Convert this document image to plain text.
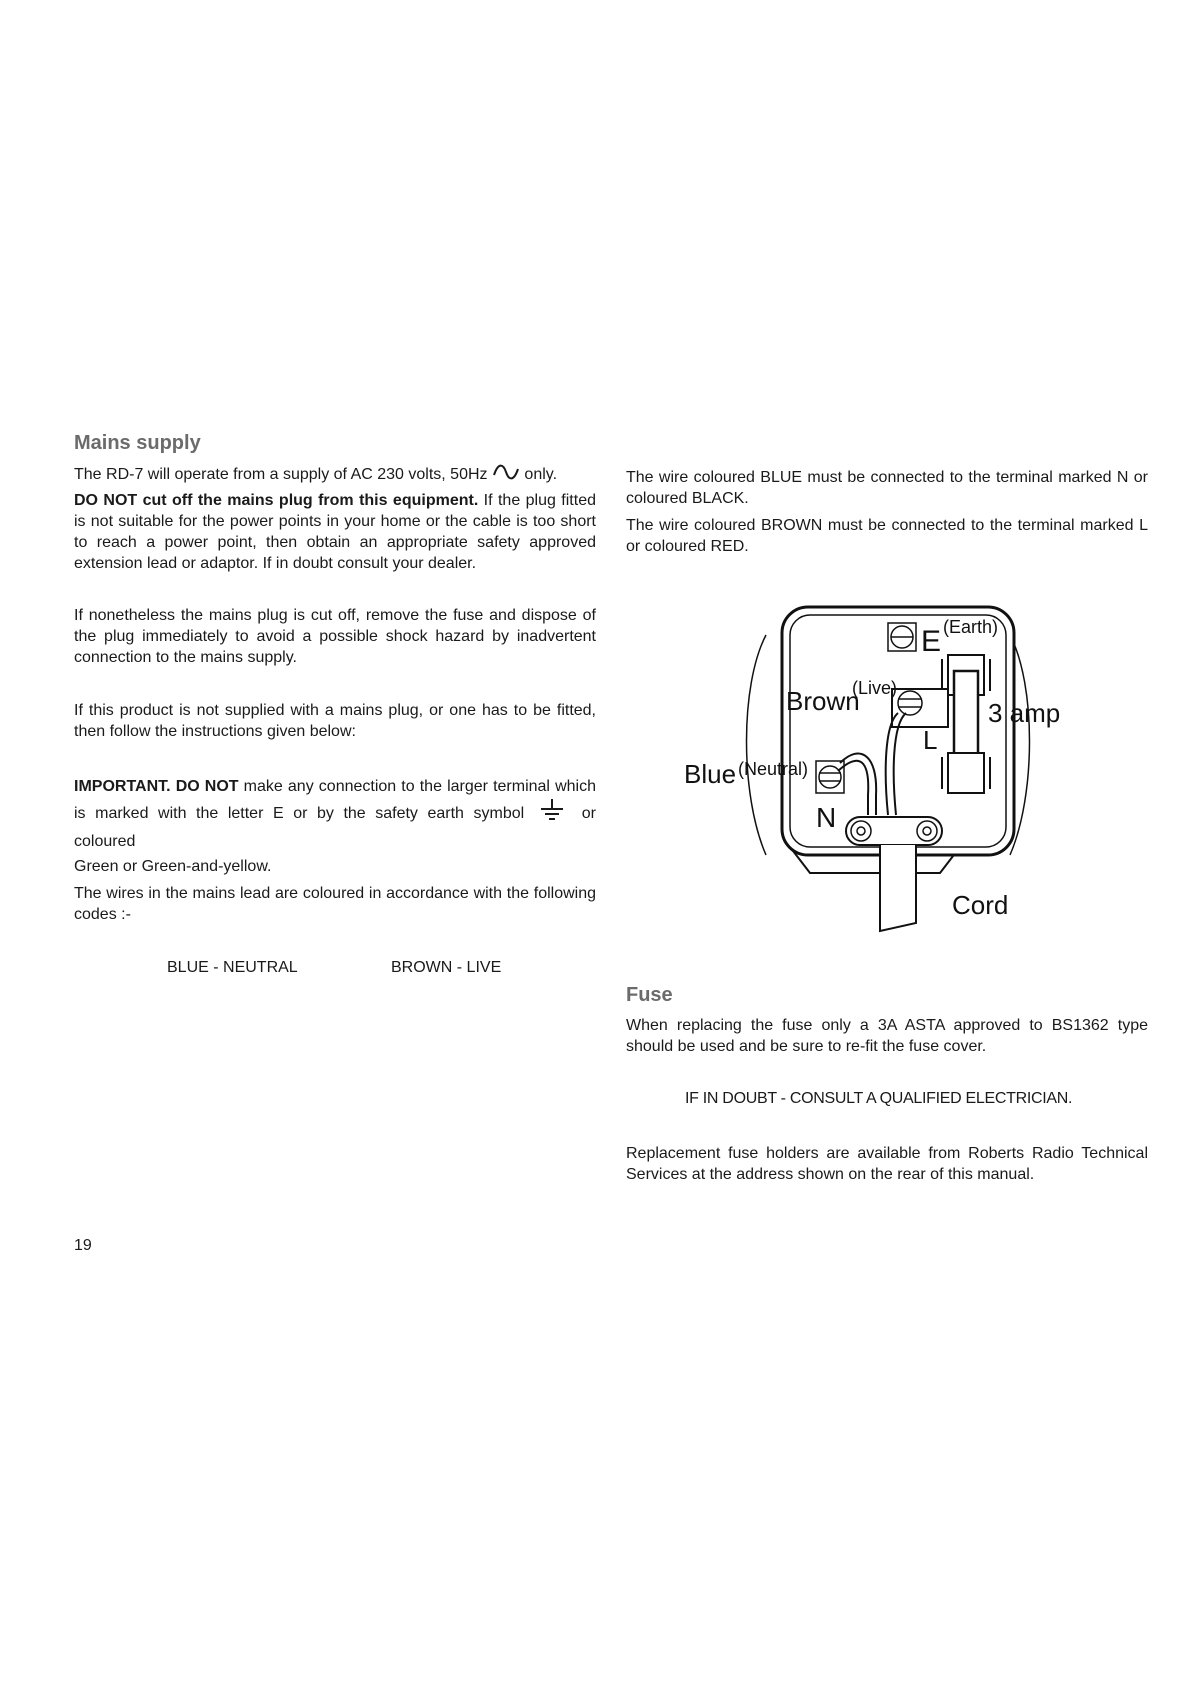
Mains supply

The RD-7 will operate from a supply of AC 230 volts, 50Hz only.

DO NOT cut off the mains plug from this equipment. If the plug fitted is not suitable for the power points in your home or the cable is too short to reach a power point, then obtain an appropriate safety approved extension lead or adaptor. If in doubt consult your dealer.

If nonetheless the mains plug is cut off, remove the fuse and dispose of the plug immediately to avoid a possible shock hazard by inadvertent connection to the mains supply.

If this product is not supplied with a mains plug, or one has to be fitted, then follow the instructions given below:

IMPORTANT. DO NOT make any connection to the larger terminal which is marked with the letter E or by the safety earth symbol	or coloured
Green or Green-and-yellow.

The wires in the mains lead are coloured in accordance with the following codes :-

BLUE - NEUTRAL	BROWN - LIVE
19

The wire coloured BLUE must be connected to the terminal marked N or coloured BLACK.

The wire coloured BROWN must be connected to the terminal marked L or coloured RED.

E (Earth)
3 amp
Brown
(Live)
L
Blue (Neutral)
N
Cord
Fuse

When replacing the fuse only a 3A ASTA approved to BS1362 type should be used and be sure to re-fit the fuse cover.

IF IN DOUBT - CONSULT A QUALIFIED ELECTRICIAN.

Replacement fuse holders are available from Roberts Radio Technical Services at the address shown on the rear of this manual.
